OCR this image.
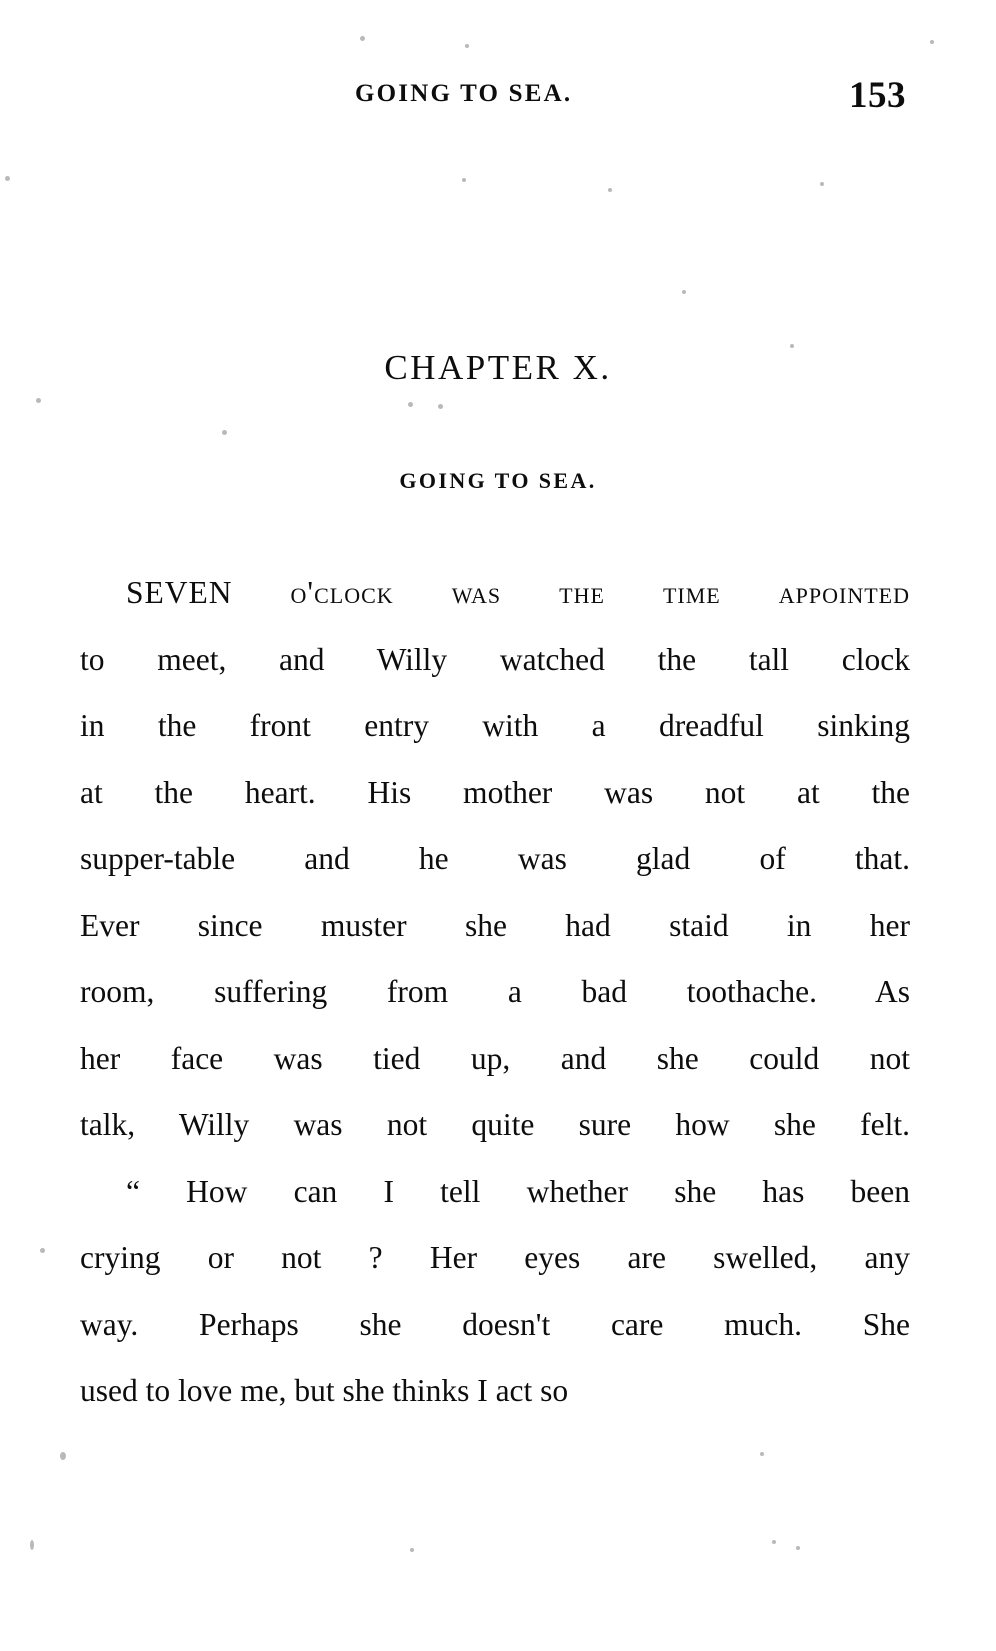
GOING TO SEA.	153
CHAPTER X.
GOING TO SEA.

SEVEN o'clock was the time appointed
to meet, and Willy watched the tall clock
in the front entry with a dreadful sinking
at the heart. His mother was not at the
supper-table and he was glad of that.
Ever since muster she had staid in her
room, suffering from a bad toothache. As
her face was tied up, and she could not
talk, Willy was not quite sure how she felt.

“ How can I tell whether she has been
crying or not ? Her eyes are swelled, any
way. Perhaps she doesn't care much. She
used to love me, but she thinks I act so
